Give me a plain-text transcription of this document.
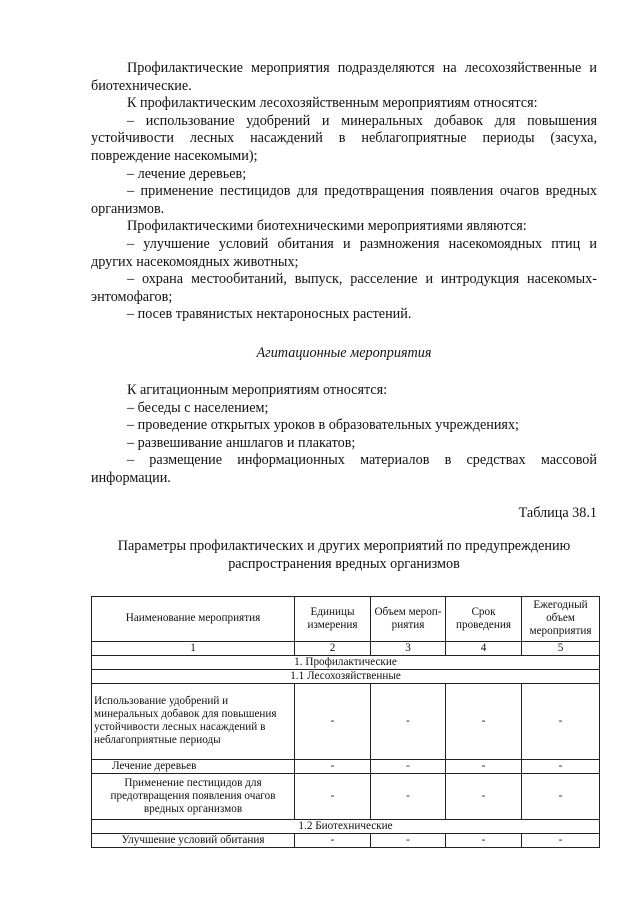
Профилактические мероприятия подразделяются на лесохозяйственные и биотехнические.

К профилактическим лесохозяйственным мероприятиям относятся:

– использование удобрений и минеральных добавок для повышения устойчивости лесных насаждений в неблагоприятные периоды (засуха, повреждение насекомыми);

– лечение деревьев;

– применение пестицидов для предотвращения появления очагов вредных организмов.

Профилактическими биотехническими мероприятиями являются:

– улучшение условий обитания и размножения насекомоядных птиц и других насекомоядных животных;

– охрана местообитаний, выпуск, расселение и интродукция насекомых-энтомофагов;

– посев травянистых нектароносных растений.

Агитационные мероприятия

К агитационным мероприятиям относятся:

– беседы с населением;

– проведение открытых уроков в образовательных учреждениях;

– развешивание аншлагов и плакатов;

– размещение информационных материалов в средствах массовой информации.

Таблица 38.1
Параметры профилактических и других мероприятий по предупреждению распространения вредных организмов
Наименование мероприятия	Единицы измерения	Объем мероп-риятия	Срок проведения	Ежегодный объем мероприятия
1	2	3	4	5
1. Профилактические				
1.1 Лесохозяйственные				
Использование удобрений и минеральных добавок для повышения устойчивости лесных насаждений в неблагоприятные периоды	-	-	-	-
Лечение деревьев	-	-	-	-
Применение пестицидов для предотвращения появления очагов вредных организмов	-	-	-	-
1.2 Биотехнические				
Улучшение условий обитания	-	-	-	-
